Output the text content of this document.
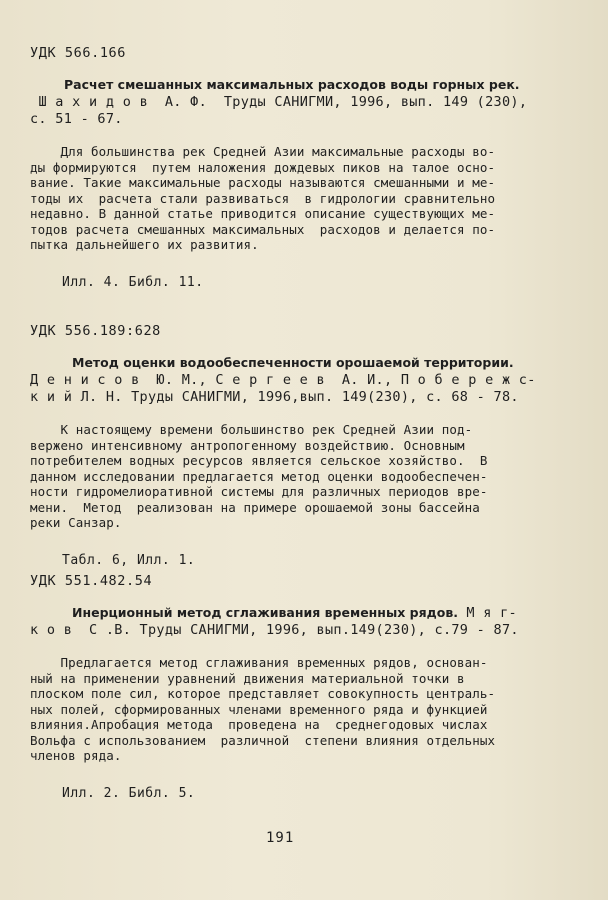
УДК 566.166
Расчет смешанных максимальных расходов воды горных рек.
Ш а х и д о в  А. Ф.  Труды САНИГМИ, 1996, вып. 149 (230),
с. 51 - 67.
Для большинства рек Средней Азии максимальные расходы во-
ды формируются  путем наложения дождевых пиков на талое осно-
вание. Такие максимальные расходы называются смешанными и ме-
тоды их  расчета стали развиваться  в гидрологии сравнительно
недавно. В данной статье приводится описание существующих ме-
тодов расчета смешанных максимальных  расходов и делается по-
пытка дальнейшего их развития.
Илл. 4. Библ. 11.
УДК 556.189:628
Метод оценки водообеспеченности орошаемой территории.
Д е н и с о в  Ю. М., С е р г е е в  А. И., П о б е р е ж с-
к и й Л. Н. Труды САНИГМИ, 1996,вып. 149(230), с. 68 - 78.
К настоящему времени большинство рек Средней Азии под-
вержено интенсивному антропогенному воздействию. Основным
потребителем водных ресурсов является сельское хозяйство.  В
данном исследовании предлагается метод оценки водообеспечен-
ности гидромелиоративной системы для различных периодов вре-
мени.  Метод  реализован на примере орошаемой зоны бассейна
реки Санзар.
Табл. 6, Илл. 1.
УДК 551.482.54
Инерционный метод сглаживания временных рядов. М я г-
к о в  С .В. Труды САНИГМИ, 1996, вып.149(230), с.79 - 87.
Предлагается метод сглаживания временных рядов, основан-
ный на применении уравнений движения материальной точки в
плоском поле сил, которое представляет совокупность централь-
ных полей, сформированных членами временного ряда и функцией
влияния.Апробация метода  проведена на  среднегодовых числах
Вольфа с использованием  различной  степени влияния отдельных
членов ряда.
Илл. 2. Библ. 5.
191
